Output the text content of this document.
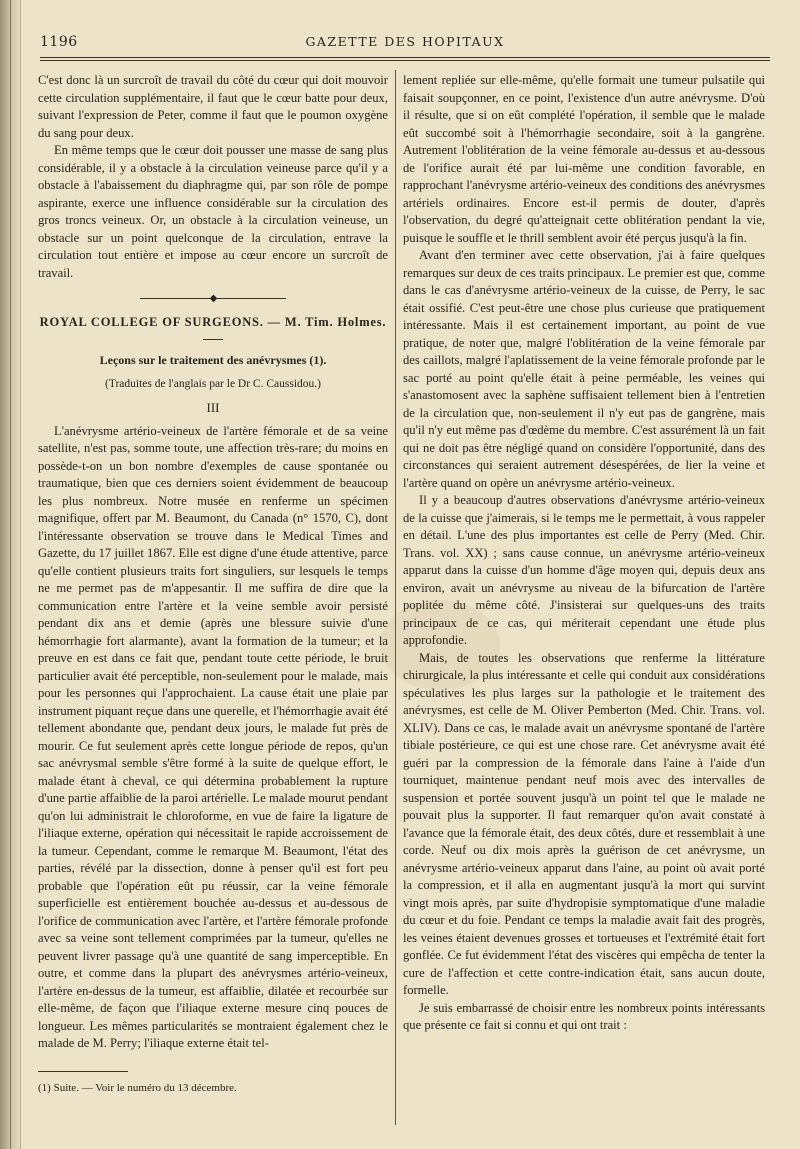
1196	GAZETTE DES HOPITAUX

C'est donc là un surcroît de travail du côté du cœur qui doit mouvoir cette circulation supplémentaire, il faut que le cœur batte pour deux, suivant l'expression de Peter, comme il faut que le poumon oxygène du sang pour deux.

En même temps que le cœur doit pousser une masse de sang plus considérable, il y a obstacle à la circulation veineuse parce qu'il y a obstacle à l'abaissement du diaphragme qui, par son rôle de pompe aspirante, exerce une influence considérable sur la circulation des gros troncs veineux. Or, un obstacle à la circulation veineuse, un obstacle sur un point quelconque de la circulation, entrave la circulation tout entière et impose au cœur encore un surcroît de travail.

◆
ROYAL COLLEGE OF SURGEONS. — M. Tim. Holmes.
Leçons sur le traitement des anévrysmes (1).
(Traduites de l'anglais par le Dr C. Caussidou.)
III

L'anévrysme artério-veineux de l'artère fémorale et de sa veine satellite, n'est pas, somme toute, une affection très-rare; du moins en possède-t-on un bon nombre d'exemples de cause spontanée ou traumatique, bien que ces derniers soient évidemment de beaucoup les plus nombreux. Notre musée en renferme un spécimen magnifique, offert par M. Beaumont, du Canada (n° 1570, C), dont l'intéressante observation se trouve dans le Medical Times and Gazette, du 17 juillet 1867. Elle est digne d'une étude attentive, parce qu'elle contient plusieurs traits fort singuliers, sur lesquels le temps ne me permet pas de m'appesantir. Il me suffira de dire que la communication entre l'artère et la veine semble avoir persisté pendant dix ans et demie (après une blessure suivie d'une hémorrhagie fort alarmante), avant la formation de la tumeur; et la preuve en est dans ce fait que, pendant toute cette période, le bruit particulier avait été perceptible, non-seulement pour le malade, mais pour les personnes qui l'approchaient. La cause était une plaie par instrument piquant reçue dans une querelle, et l'hémorrhagie avait été tellement abondante que, pendant deux jours, le malade fut près de mourir. Ce fut seulement après cette longue période de repos, qu'un sac anévrysmal semble s'être formé à la suite de quelque effort, le malade étant à cheval, ce qui détermina probablement la rupture d'une partie affaiblie de la paroi artérielle. Le malade mourut pendant qu'on lui administrait le chloroforme, en vue de faire la ligature de l'iliaque externe, opération qui nécessitait le rapide accroissement de la tumeur. Cependant, comme le remarque M. Beaumont, l'état des parties, révélé par la dissection, donne à penser qu'il est fort peu probable que l'opération eût pu réussir, car la veine fémorale superficielle est entièrement bouchée au-dessus et au-dessous de l'orifice de communication avec l'artère, et l'artère fémorale profonde avec sa veine sont tellement comprimées par la tumeur, qu'elles ne peuvent livrer passage qu'à une quantité de sang imperceptible. En outre, et comme dans la plupart des anévrysmes artério-veineux, l'artère en-dessus de la tumeur, est affaiblie, dilatée et recourbée sur elle-même, de façon que l'iliaque externe mesure cinq pouces de longueur. Les mêmes particularités se montraient également chez le malade de M. Perry; l'iliaque externe était tel-

(1) Suite. — Voir le numéro du 13 décembre.

lement repliée sur elle-même, qu'elle formait une tumeur pulsatile qui faisait soupçonner, en ce point, l'existence d'un autre anévrysme. D'où il résulte, que si on eût complété l'opération, il semble que le malade eût succombé soit à l'hémorrhagie secondaire, soit à la gangrène. Autrement l'oblitération de la veine fémorale au-dessus et au-dessous de l'orifice aurait été par lui-même une condition favorable, en rapprochant l'anévrysme artério-veineux des conditions des anévrysmes artériels ordinaires. Encore est-il permis de douter, d'après l'observation, du degré qu'atteignait cette oblitération pendant la vie, puisque le souffle et le thrill semblent avoir été perçus jusqu'à la fin.

Avant d'en terminer avec cette observation, j'ai à faire quelques remarques sur deux de ces traits principaux. Le premier est que, comme dans le cas d'anévrysme artério-veineux de la cuisse, de Perry, le sac était ossifié. C'est peut-être une chose plus curieuse que pratiquement intéressante. Mais il est certainement important, au point de vue pratique, de noter que, malgré l'oblitération de la veine fémorale par des caillots, malgré l'aplatissement de la veine fémorale profonde par le sac porté au point qu'elle était à peine perméable, les veines qui s'anastomosent avec la saphène suffisaient tellement bien à l'entretien de la circulation que, non-seulement il n'y eut pas de gangrène, mais qu'il n'y eut même pas d'œdème du membre. C'est assurément là un fait qui ne doit pas être négligé quand on considère l'opportunité, dans des circonstances qui seraient autrement désespérées, de lier la veine et l'artère quand on opère un anévrysme artério-veineux.

Il y a beaucoup d'autres observations d'anévrysme artério-veineux de la cuisse que j'aimerais, si le temps me le permettait, à vous rappeler en détail. L'une des plus importantes est celle de Perry (Med. Chir. Trans. vol. XX) ; sans cause connue, un anévrysme artério-veineux apparut dans la cuisse d'un homme d'âge moyen qui, depuis deux ans environ, avait un anévrysme au niveau de la bifurcation de l'artère poplitée du même côté. J'insisterai sur quelques-uns des traits principaux de ce cas, qui mériterait cependant une étude plus approfondie.

Mais, de toutes les observations que renferme la littérature chirurgicale, la plus intéressante et celle qui conduit aux considérations spéculatives les plus larges sur la pathologie et le traitement des anévrysmes, est celle de M. Oliver Pemberton (Med. Chir. Trans. vol. XLIV). Dans ce cas, le malade avait un anévrysme spontané de l'artère tibiale postérieure, ce qui est une chose rare. Cet anévrysme avait été guéri par la compression de la fémorale dans l'aine à l'aide d'un tourniquet, maintenue pendant neuf mois avec des intervalles de suspension et portée souvent jusqu'à un point tel que le malade ne pouvait plus la supporter. Il faut remarquer qu'on avait constaté à l'avance que la fémorale était, des deux côtés, dure et ressemblait à une corde. Neuf ou dix mois après la guérison de cet anévrysme, un anévrysme artério-veineux apparut dans l'aine, au point où avait porté la compression, et il alla en augmentant jusqu'à la mort qui survint vingt mois après, par suite d'hydropisie symptomatique d'une maladie du cœur et du foie. Pendant ce temps la maladie avait fait des progrès, les veines étaient devenues grosses et tortueuses et l'extrémité était fort gonflée. Ce fut évidemment l'état des viscères qui empêcha de tenter la cure de l'affection et cette contre-indication était, sans aucun doute, formelle.

Je suis embarrassé de choisir entre les nombreux points intéressants que présente ce fait si connu et qui ont trait :
